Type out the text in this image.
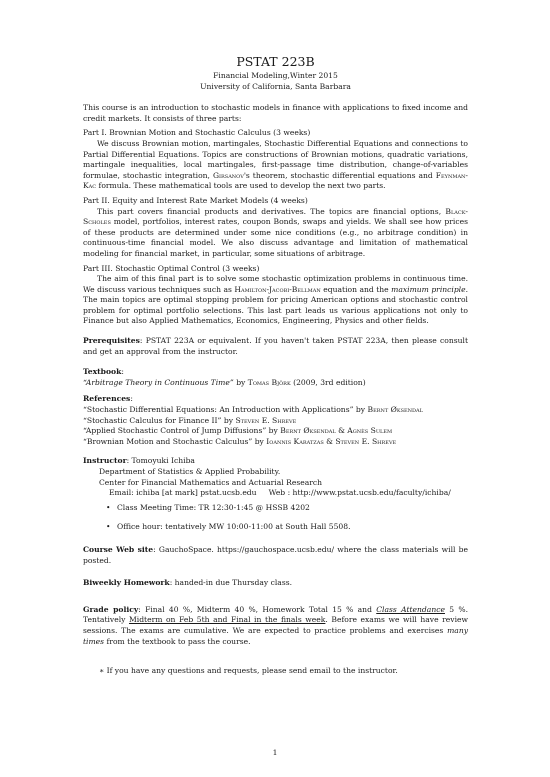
PSTAT 223B
Financial Modeling,Winter 2015
University of California, Santa Barbara
This course is an introduction to stochastic models in finance with applications to fixed income and credit markets. It consists of three parts:
Part I. Brownian Motion and Stochastic Calculus (3 weeks)
We discuss Brownian motion, martingales, Stochastic Differential Equations and connections to Partial Differential Equations. Topics are constructions of Brownian motions, quadratic variations, martingale inequalities, local martingales, first-passage time distribution, change-of-variables formulae, stochastic integration, Girsanov's theorem, stochastic differential equations and Feynman-Kac formula. These mathematical tools are used to develop the next two parts.
Part II. Equity and Interest Rate Market Models (4 weeks)
This part covers financial products and derivatives. The topics are financial options, Black-Scholes model, portfolios, interest rates, coupon Bonds, swaps and yields. We shall see how prices of these products are determined under some nice conditions (e.g., no arbitrage condition) in continuous-time financial model. We also discuss advantage and limitation of mathematical modeling for financial market, in particular, some situations of arbitrage.
Part III. Stochastic Optimal Control (3 weeks)
The aim of this final part is to solve some stochastic optimization problems in continuous time. We discuss various techniques such as Hamilton-Jacobi-Bellman equation and the maximum principle. The main topics are optimal stopping problem for pricing American options and stochastic control problem for optimal portfolio selections. This last part leads us various applications not only to Finance but also Applied Mathematics, Economics, Engineering, Physics and other fields.
Prerequisites: PSTAT 223A or equivalent. If you haven't taken PSTAT 223A, then please consult and get an approval from the instructor.
Textbook:
“Arbitrage Theory in Continuous Time” by Tomas Björk (2009, 3rd edition)
References:
“Stochastic Differential Equations: An Introduction with Applications” by Bernt Øksendal
“Stochastic Calculus for Finance II” by Steven E. Shreve
“Applied Stochastic Control of Jump Diffusions” by Bernt Øksendal & Agnès Sulem
“Brownian Motion and Stochastic Calculus” by Ioannis Karatzas & Steven E. Shreve
Instructor: Tomoyuki Ichiba
Department of Statistics & Applied Probability.
Center for Financial Mathematics and Actuarial Research
Email: ichiba [at mark] pstat.ucsb.edu     Web : http://www.pstat.ucsb.edu/faculty/ichiba/
• Class Meeting Time: TR 12:30-1:45 @ HSSB 4202
• Office hour: tentatively MW 10:00-11:00 at South Hall 5508.
Course Web site: GauchoSpace. https://gauchospace.ucsb.edu/ where the class materials will be posted.
Biweekly Homework: handed-in due Thursday class.
Grade policy: Final 40 %, Midterm 40 %, Homework Total 15 % and Class Attendance 5 %. Tentatively Midterm on Feb 5th and Final in the finals week. Before exams we will have review sessions. The exams are cumulative. We are expected to practice problems and exercises many times from the textbook to pass the course.
∗ If you have any questions and requests, please send email to the instructor.
1
